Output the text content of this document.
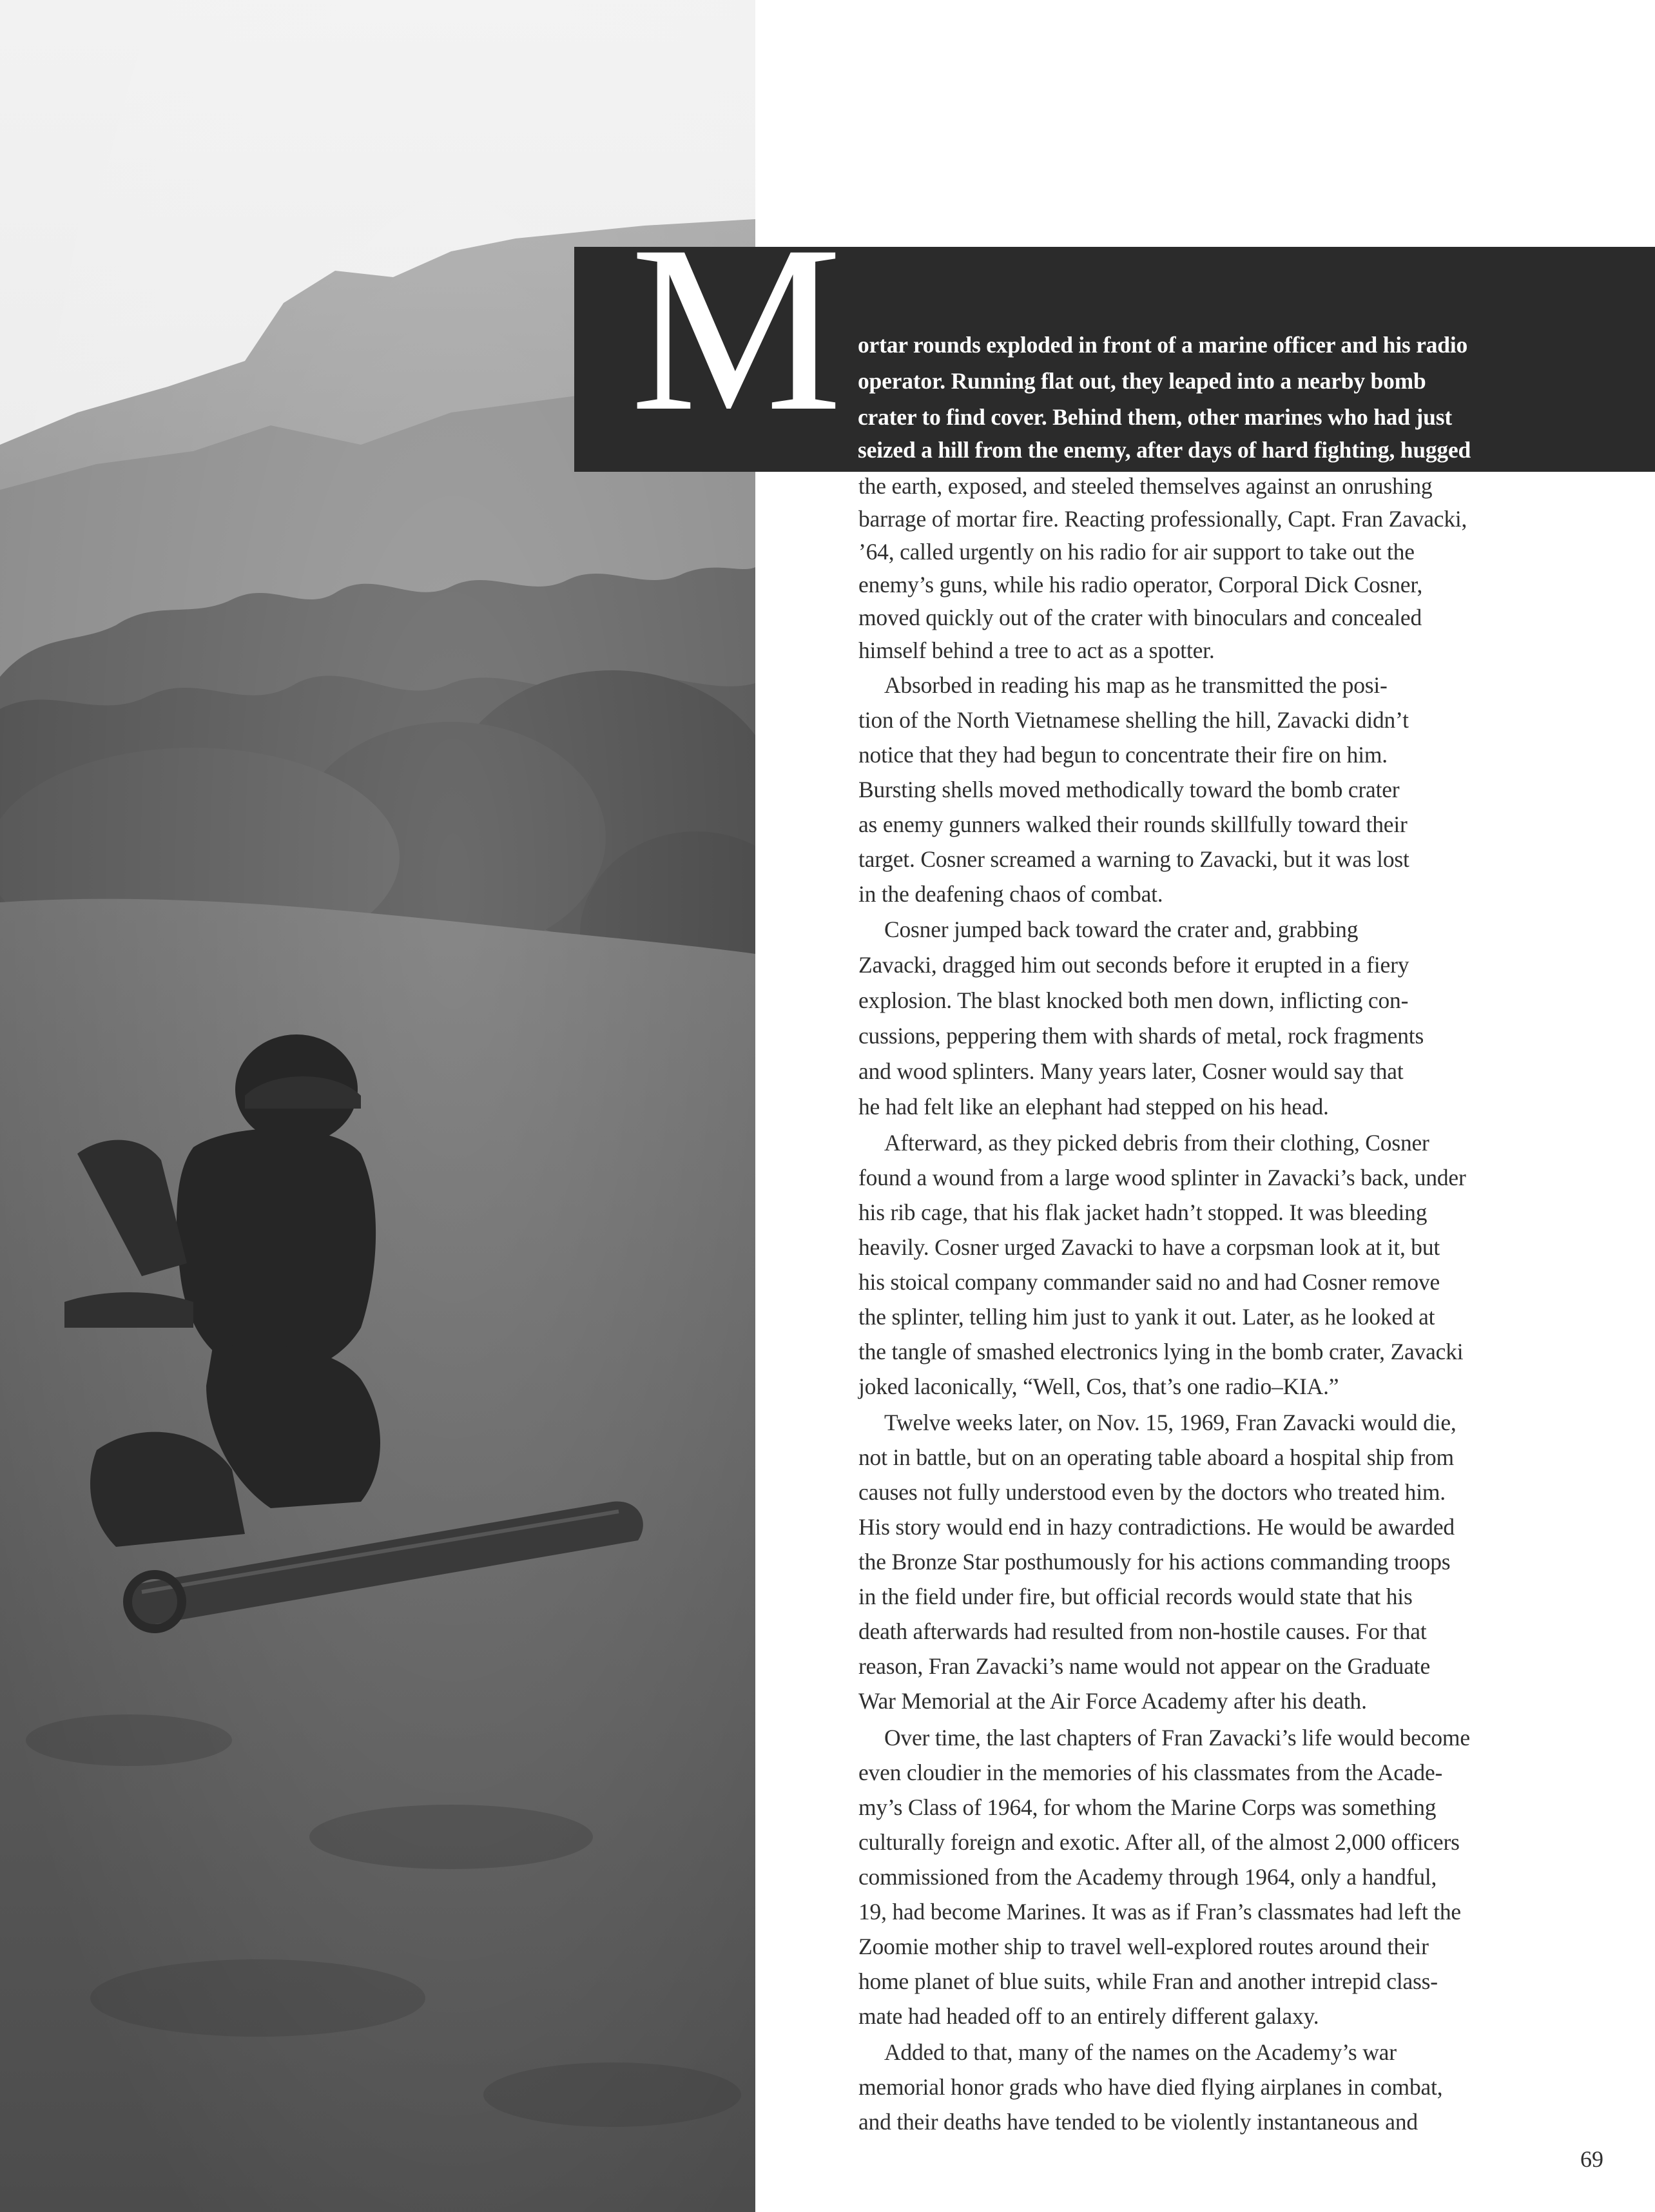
M ortar rounds exploded in front of a marine officer and his radio
operator. Running flat out, they leaped into a nearby bomb
crater to find cover. Behind them, other marines who had just
seized a hill from the enemy, after days of hard fighting, hugged
the earth, exposed, and steeled themselves against an onrushing
barrage of mortar fire. Reacting professionally, Capt. Fran Zavacki,
’64, called urgently on his radio for air support to take out the
enemy’s guns, while his radio operator, Corporal Dick Cosner,
moved quickly out of the crater with binoculars and concealed
himself behind a tree to act as a spotter.
Absorbed in reading his map as he transmitted the posi-
tion of the North Vietnamese shelling the hill, Zavacki didn’t
notice that they had begun to concentrate their fire on him.
Bursting shells moved methodically toward the bomb crater
as enemy gunners walked their rounds skillfully toward their
target. Cosner screamed a warning to Zavacki, but it was lost
in the deafening chaos of combat.
Cosner jumped back toward the crater and, grabbing
Zavacki, dragged him out seconds before it erupted in a fiery
explosion. The blast knocked both men down, inflicting con-
cussions, peppering them with shards of metal, rock fragments
and wood splinters. Many years later, Cosner would say that
he had felt like an elephant had stepped on his head.
Afterward, as they picked debris from their clothing, Cosner
found a wound from a large wood splinter in Zavacki’s back, under
his rib cage, that his flak jacket hadn’t stopped. It was bleeding
heavily. Cosner urged Zavacki to have a corpsman look at it, but
his stoical company commander said no and had Cosner remove
the splinter, telling him just to yank it out. Later, as he looked at
the tangle of smashed electronics lying in the bomb crater, Zavacki
joked laconically, “Well, Cos, that’s one radio–KIA.”
Twelve weeks later, on Nov. 15, 1969, Fran Zavacki would die,
not in battle, but on an operating table aboard a hospital ship from
causes not fully understood even by the doctors who treated him.
His story would end in hazy contradictions. He would be awarded
the Bronze Star posthumously for his actions commanding troops
in the field under fire, but official records would state that his
death afterwards had resulted from non-hostile causes. For that
reason, Fran Zavacki’s name would not appear on the Graduate
War Memorial at the Air Force Academy after his death.
Over time, the last chapters of Fran Zavacki’s life would become
even cloudier in the memories of his classmates from the Acade-
my’s Class of 1964, for whom the Marine Corps was something
culturally foreign and exotic. After all, of the almost 2,000 officers
commissioned from the Academy through 1964, only a handful,
19, had become Marines. It was as if Fran’s classmates had left the
Zoomie mother ship to travel well-explored routes around their
home planet of blue suits, while Fran and another intrepid class-
mate had headed off to an entirely different galaxy.
Added to that, many of the names on the Academy’s war
memorial honor grads who have died flying airplanes in combat,
and their deaths have tended to be violently instantaneous and
69
